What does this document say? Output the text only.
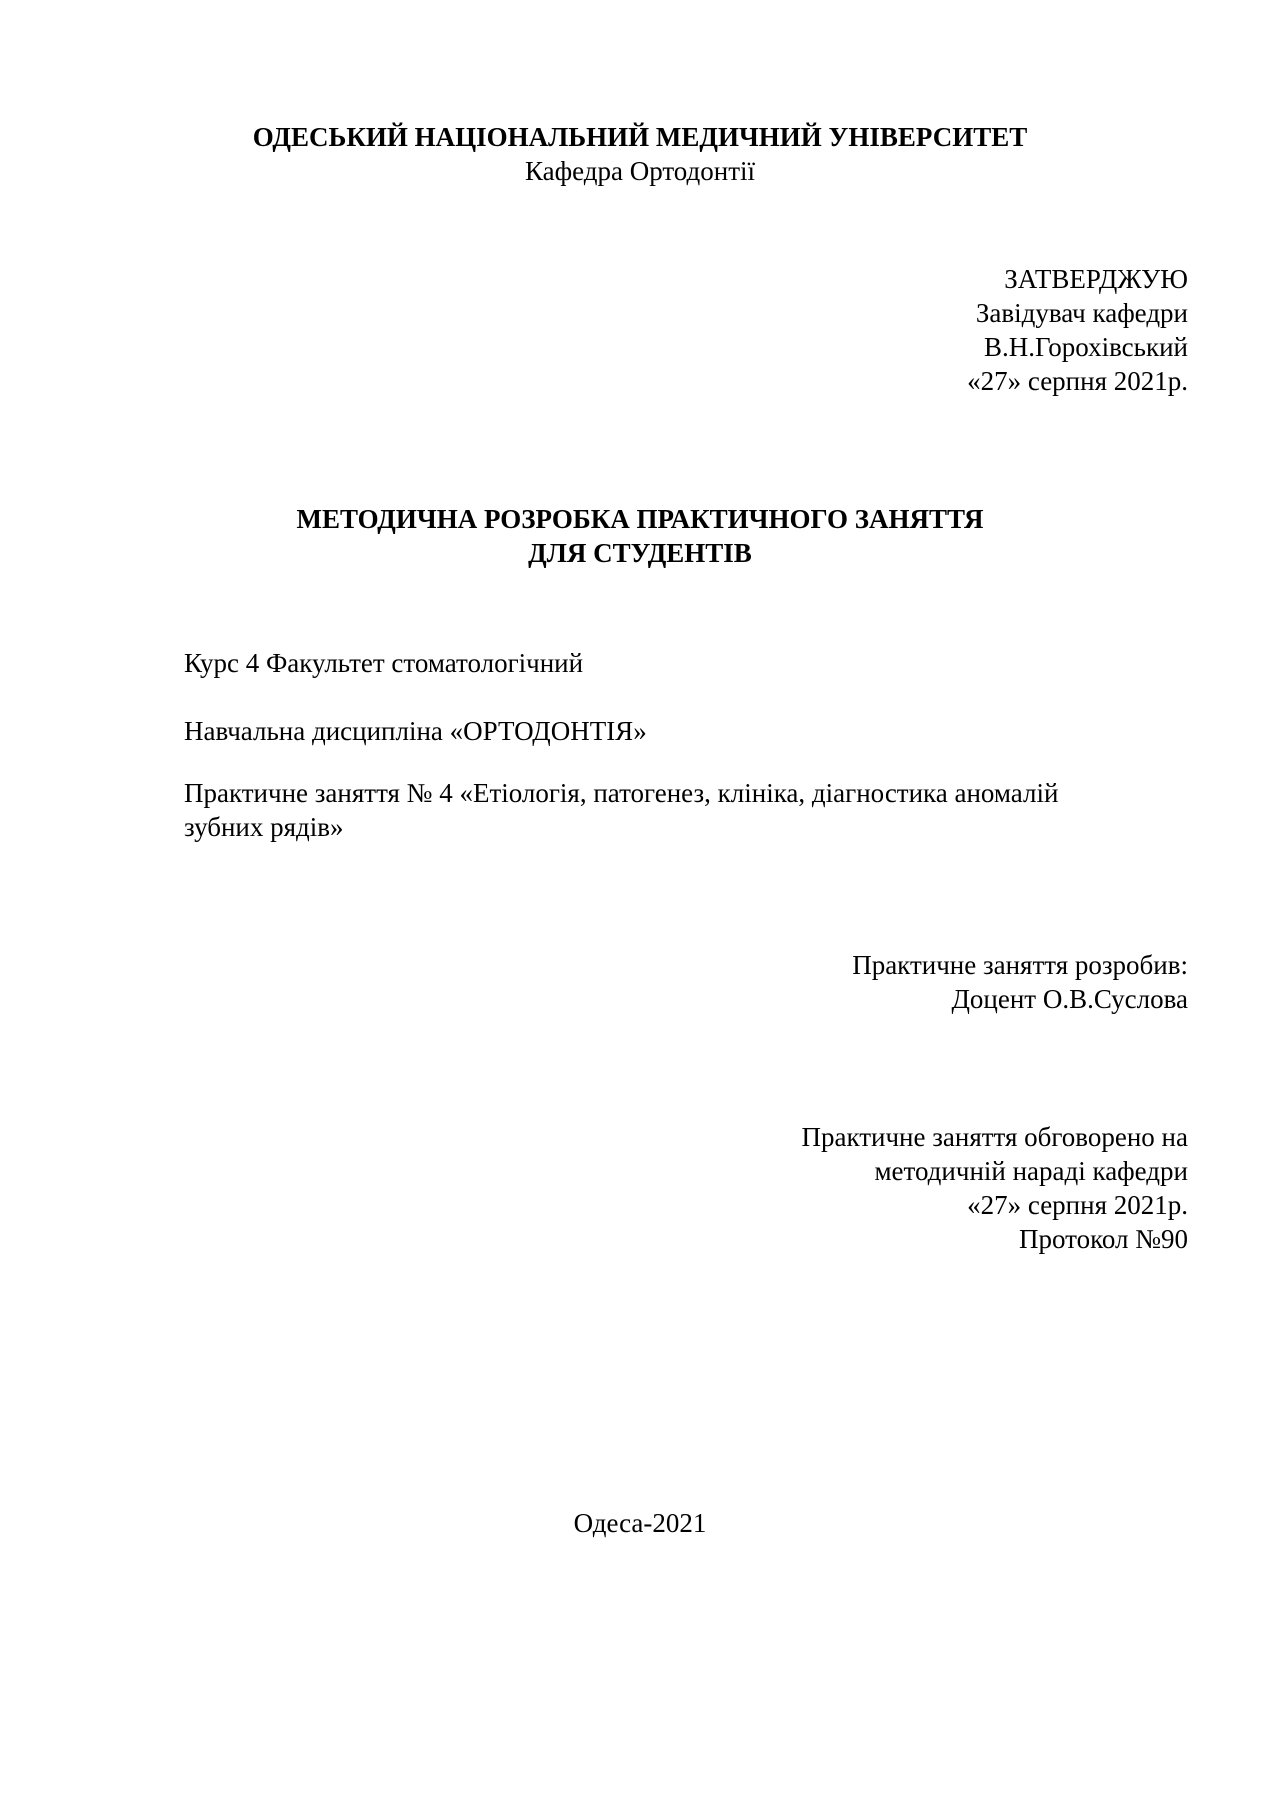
ОДЕСЬКИЙ НАЦІОНАЛЬНИЙ МЕДИЧНИЙ УНІВЕРСИТЕТ
Кафедра Ортодонтії
ЗАТВЕРДЖУЮ
Завідувач кафедри
В.Н.Горохівський
«27» серпня 2021р.
МЕТОДИЧНА РОЗРОБКА ПРАКТИЧНОГО ЗАНЯТТЯ
ДЛЯ СТУДЕНТІВ
Курс 4 Факультет стоматологічний
Навчальна дисципліна «ОРТОДОНТІЯ»
Практичне заняття № 4 «Етіологія, патогенез, клініка, діагностика аномалій
зубних рядів»
Практичне заняття розробив:
Доцент О.В.Суслова
Практичне заняття обговорено на
методичній нараді кафедри
«27» серпня 2021р.
Протокол №90
Одеса-2021
